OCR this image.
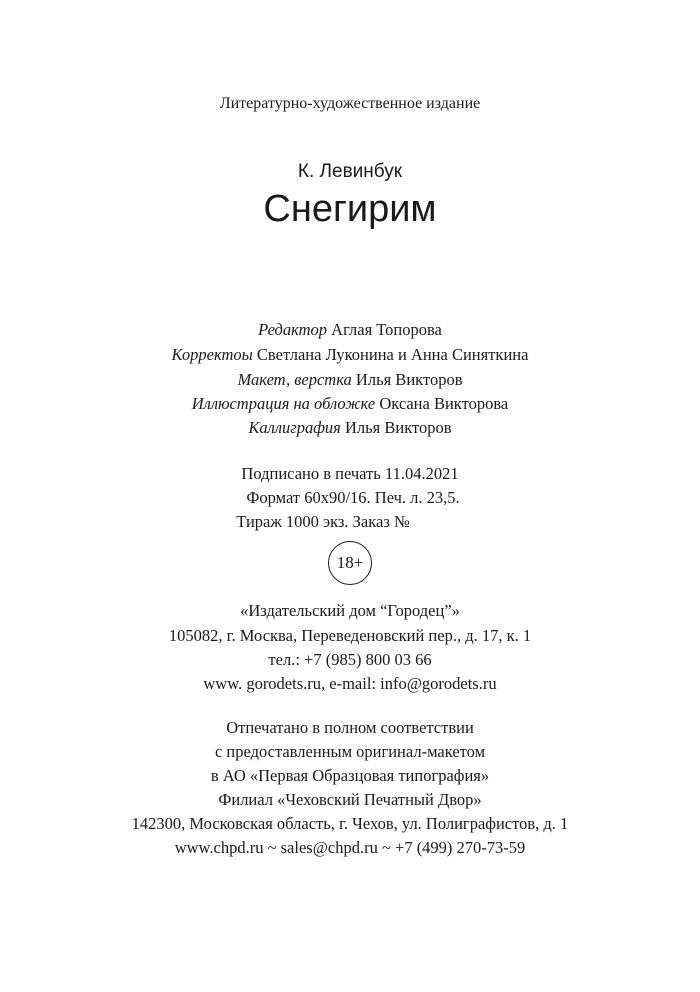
Литературно-художественное издание
К. Левинбук
Снегирим
Редактор Аглая Топорова
Корректоы Светлана Луконина и Анна Синяткина
Макет, верстка Илья Викторов
Иллюстрация на обложке Оксана Викторова
Каллиграфия Илья Викторов
Подписано в печать 11.04.2021
Формат 60х90/16. Печ. л. 23,5.
Тираж 1000 экз. Заказ №
18+
«Издательский дом “Городец”»
105082, г. Москва, Переведеновский пер., д. 17, к. 1
тел.: +7 (985) 800 03 66
www. gorodets.ru, e-mail: info@gorodets.ru
Отпечатано в полном соответствии
с предоставленным оригинал-макетом
в АО «Первая Образцовая типография»
Филиал «Чеховский Печатный Двор»
142300, Московская область, г. Чехов, ул. Полиграфистов, д. 1
www.chpd.ru ~ sales@chpd.ru ~ +7 (499) 270-73-59
